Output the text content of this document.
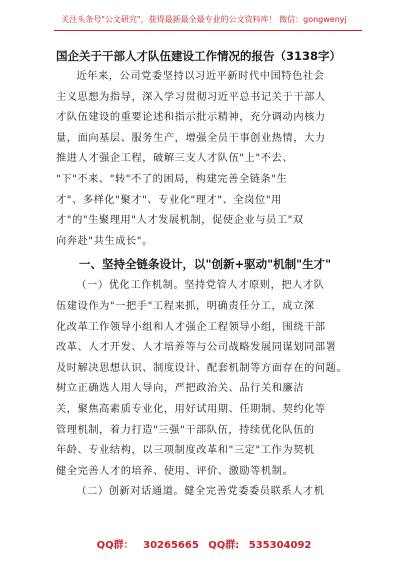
关注头条号"公文研究"，获得最新最全最专业的公文资料库！ 微信：gongwenyj
国企关于干部人才队伍建设工作情况的报告（3138字）

近年来，公司党委坚持以习近平新时代中国特色社会
主义思想为指导，深入学习贯彻习近平总书记关于干部人
才队伍建设的重要论述和指示批示精神，充分调动内核力
量，面向基层、服务生产，增强全员干事创业热情，大力
推进人才强企工程，破解三支人才队伍"上"不去、
"下"不来、"转"不了的困局，构建完善全链条"生
才"、多样化"聚才"、专业化"理才"、全岗位"用
才"的"生聚理用"人才发展机制，促使企业与员工"双
向奔赴"共生成长"。

一、坚持全链条设计，以"创新+驱动"机制"生才"

（一）优化工作机制。坚持党管人才原则，把人才队
伍建设作为"一把手"工程来抓，明确责任分工，成立深
化改革工作领导小组和人才强企工程领导小组，围绕干部
改革、人才开发、人才培养等与公司战略发展同谋划同部署
及时解决思想认识、制度设计、配套机制等方面存在的问题。
树立正确选人用人导向，严把政治关、品行关和廉洁
关，聚焦高素质专业化，用好试用期、任期制、契约化等
管理机制，着力打造"三强"干部队伍，持续优化队伍的
年龄、专业结构，以三项制度改革和"三定"工作为契机
健全完善人才的培养、使用、评价、激励等机制。

（二）创新对话通道。健全完善党委委员联系人才机

QQ群： 30265665 QQ群: 535304092
